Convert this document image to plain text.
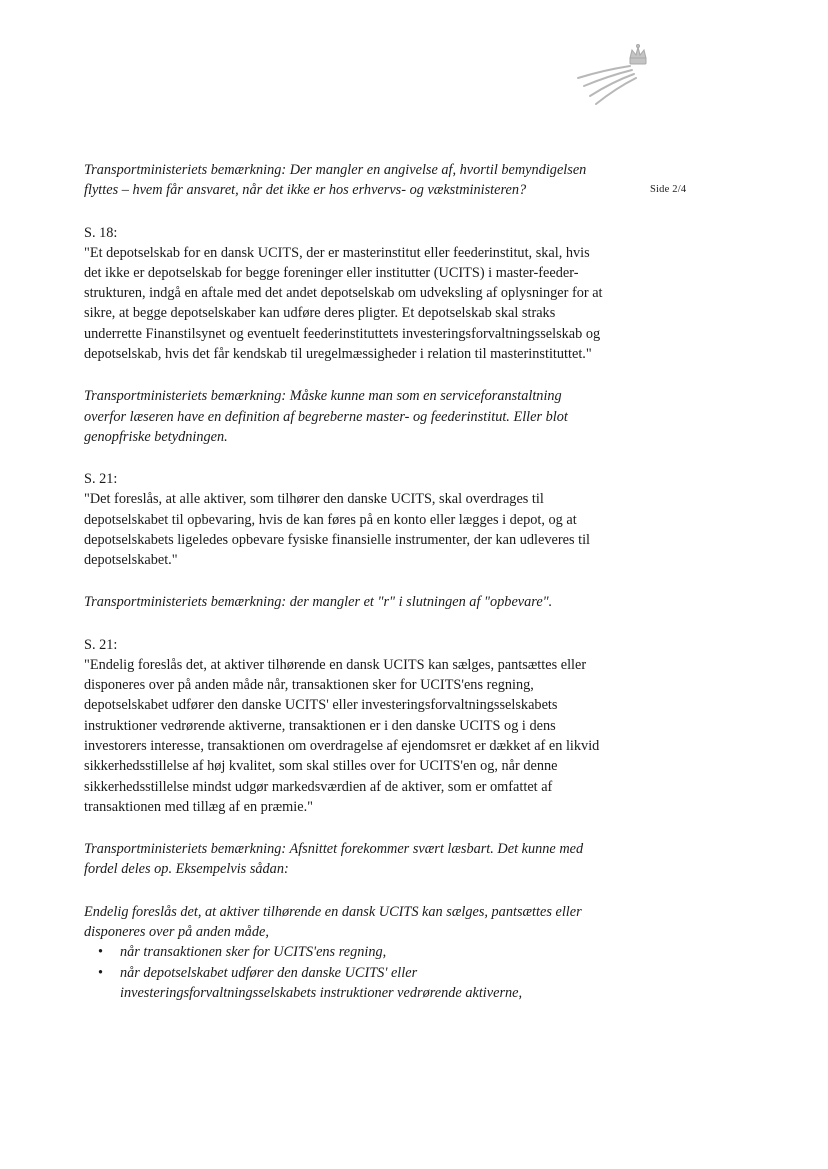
Side 2/4

Transportministeriets bemærkning: Der mangler en angivelse af, hvortil bemyndigelsen flyttes – hvem får ansvaret, når det ikke er hos erhvervs- og vækstministeren?

S. 18:

"Et depotselskab for en dansk UCITS, der er masterinstitut eller feederinstitut, skal, hvis det ikke er depotselskab for begge foreninger eller institutter (UCITS) i master-feeder-strukturen, indgå en aftale med det andet depotselskab om udveksling af oplysninger for at sikre, at begge depotselskaber kan udføre deres pligter. Et depotselskab skal straks underrette Finanstilsynet og eventuelt feederinstituttets investeringsforvaltningsselskab og depotselskab, hvis det får kendskab til uregelmæssigheder i relation til masterinstituttet."

Transportministeriets bemærkning: Måske kunne man som en serviceforanstaltning overfor læseren have en definition af begreberne master- og feederinstitut. Eller blot genopfriske betydningen.

S. 21:

"Det foreslås, at alle aktiver, som tilhører den danske UCITS, skal overdrages til depotselskabet til opbevaring, hvis de kan føres på en konto eller lægges i depot, og at depotselskabets ligeledes opbevare fysiske finansielle instrumenter, der kan udleveres til depotselskabet."

Transportministeriets bemærkning: der mangler et "r" i slutningen af "opbevare".

S. 21:

"Endelig foreslås det, at aktiver tilhørende en dansk UCITS kan sælges, pantsættes eller disponeres over på anden måde når, transaktionen sker for UCITS'ens regning, depotselskabet udfører den danske UCITS' eller investeringsforvaltningsselskabets instruktioner vedrørende aktiverne, transaktionen er i den danske UCITS og i dens investorers interesse, transaktionen om overdragelse af ejendomsret er dækket af en likvid sikkerhedsstillelse af høj kvalitet, som skal stilles over for UCITS'en og, når denne sikkerhedsstillelse mindst udgør markedsværdien af de aktiver, som er omfattet af transaktionen med tillæg af en præmie."

Transportministeriets bemærkning: Afsnittet forekommer svært læsbart. Det kunne med fordel deles op. Eksempelvis sådan:

Endelig foreslås det, at aktiver tilhørende en dansk UCITS kan sælges, pantsættes eller disponeres over på anden måde,

• når transaktionen sker for UCITS'ens regning,
• når depotselskabet udfører den danske UCITS' eller investeringsforvaltningsselskabets instruktioner vedrørende aktiverne,
